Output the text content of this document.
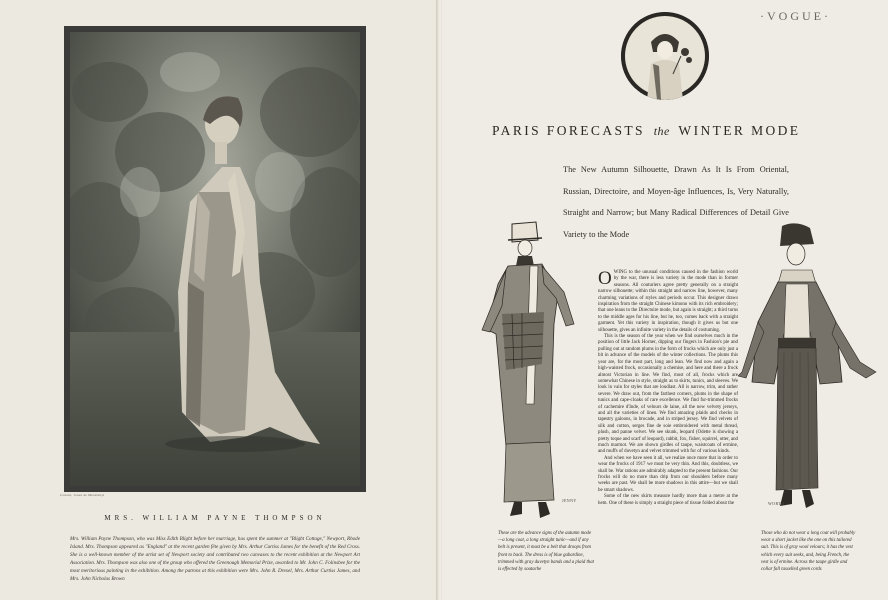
Conant, Jones de Meszlenyi
MRS. WILLIAM PAYNE THOMPSON
Mrs. William Payne Thompson, who was Miss Edith Blight before her marriage, has spent the summer at "Blight Cottage," Newport, Rhode Island. Mrs. Thompson appeared as "England" at the recent garden fête given by Mrs. Arthur Curtiss James for the benefit of the Red Cross. She is a well-known member of the artist set of Newport society and contributed two canvases to the recent exhibition at the Newport Art Association. Mrs. Thompson was also one of the group who offered the Greenough Memorial Prize, awarded to Mr. John C. Folinsbee for the most meritorious painting in the exhibition. Among the patrons at this exhibition were Mrs. John R. Drexel, Mrs. Arthur Curtiss James, and Mrs. John Nicholas Brown
·VOGUE·
PARIS FORECASTS the WINTER MODE
The New Autumn Silhouette, Drawn As It Is From Oriental, Russian, Directoire, and Moyen-âge Influences, Is, Very Naturally, Straight and Narrow; but Many Radical Differences of Detail Give Variety to the Mode
JENNY
WORTH

OWING to the unusual conditions caused in the fashion world by the war, there is less variety in the mode than in former seasons. All couturiers agree pretty generally on a straight narrow silhouette; within this straight and narrow line, however, many charming variations of styles and periods occur. This designer draws inspiration from the straight Chinese kimono with its rich embroidery; that one leans to the Directoire mode, but again is straight; a third turns to the middle ages for his line, but he, too, comes back with a straight garment. Yet this variety in inspiration, though it gives us but one silhouette, gives an infinite variety in the details of costuming.

This is the season of the year when we find ourselves much in the position of little Jack Horner, dipping our fingers in Fashion's pie and pulling out at random plums in the form of frocks which are only just a bit in advance of the models of the winter collections. The plums this year are, for the most part, long and lean. We find now and again a high-waisted frock, occasionally a chemise, and here and there a frock almost Victorian in line. We find, most of all, frocks which are somewhat Chinese in style, straight as to skirts, tunics, and sleeves. We look in vain for styles that are loudlast. All is narrow, trim, and rather severe. We draw out, from the farthest corners, plums in the shape of tunics and cape-cloaks of rare excellence. We find fur-trimmed frocks of cachemire d'Inde, of velours de laine, all the new velvety jerseys, and all the varieties of linen. We find amazing plaids and checks in tapestry galoons, in brocade, and in striped jersey. We find velvets of silk and cotton, serges fine de soie embroidered with metal thread, plush, and panne velvet. We see skunk, leopard (Odette is showing a pretty toque and scarf of leopard), rabbit, fox, fisher, squirrel, otter, and much marmot. We are shown girdles of taupe, waistcoats of ermine, and muffs of duvetyn and velvet trimmed with fur of various kinds.

And when we have seen it all, we realize once more that in order to wear the frocks of 1917 we must be very thin. And this, doubtless, we shall be. War rations are admirably adapted to the present fashions. Our frocks will do no more than drip from our shoulders before many weeks are past. We shall be more shadows in this attire—but we shall be smart shadows.

Some of the new skirts measure hardly more than a metre at the hem. One of these is simply a straight piece of tissue folded about the

These are the advance signs of the autumn mode—a long coat, a long straight tunic—and if any belt is present, it must be a belt that droops from front to back. The dress is of blue gabardine, trimmed with gray duvetyn bands and a plaid that is effected by soutache
Those who do not wear a long coat will probably wear a short jacket like the one on this tailored suit. This is of gray wool velours; it has the vest which every suit seeks, and, being French, the vest is of ermine. Across the taupe girdle and collar fall tasselled green cords
